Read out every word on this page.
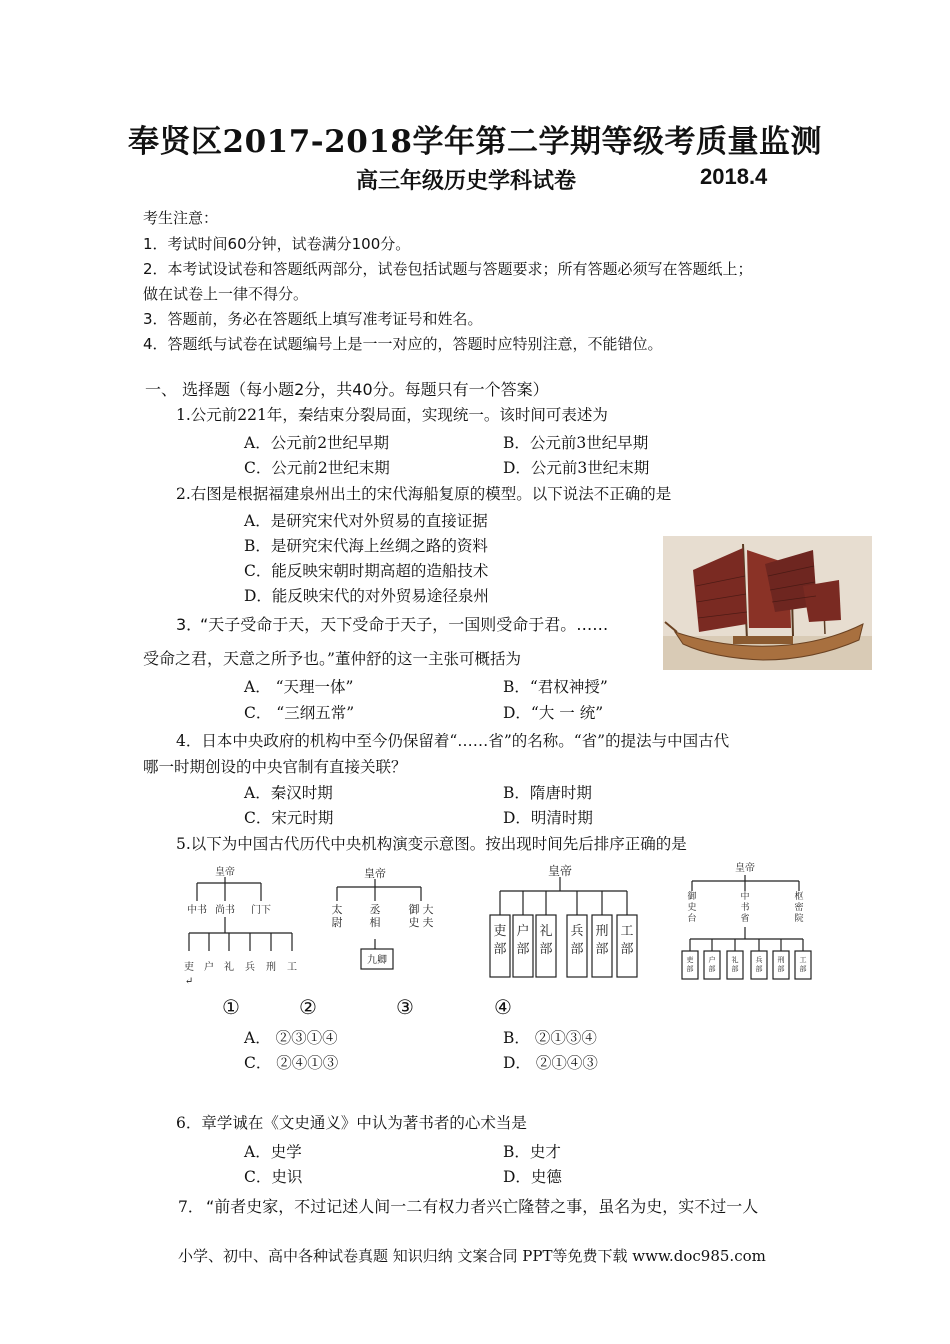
奉贤区2017-2018学年第二学期等级考质量监测
高三年级历史学科试卷	2018.4
考生注意：
1．考试时间60分钟，试卷满分100分。
2．本考试设试卷和答题纸两部分，试卷包括试题与答题要求；所有答题必须写在答题纸上；
做在试卷上一律不得分。
3．答题前，务必在答题纸上填写准考证号和姓名。
4．答题纸与试卷在试题编号上是一一对应的，答题时应特别注意，不能错位。
一、 选择题（每小题2分，共40分。每题只有一个答案）
1.公元前221年，秦结束分裂局面，实现统一。该时间可表述为
A．公元前2世纪早期	B．公元前3世纪早期
C．公元前2世纪末期	D．公元前3世纪末期
2.右图是根据福建泉州出土的宋代海船复原的模型。以下说法不正确的是
A．是研究宋代对外贸易的直接证据
B．是研究宋代海上丝绸之路的资料
C．能反映宋朝时期高超的造船技术
D．能反映宋代的对外贸易途径泉州
3．
“天子受命于天，天下受命于天子，一国则受命于君。……
受命之君，天意之所予也。”董仲舒的这一主张可概括为
A． “天理一体”	B．“君权神授”
C． “三纲五常”	D．“大 一 统”
4．日本中央政府的机构中至今仍保留着“……省”的名称。“省”的提法与中国古代
哪一时期创设的中央官制有直接关联？
A．秦汉时期	B．隋唐时期
C．宋元时期	D．明清时期
5.以下为中国古代历代中央机构演变示意图。按出现时间先后排序正确的是
皇帝
中书 尚书 门下
吏 户 礼 兵 刑 工
↵
皇帝
太尉
丞相
御史大夫
九卿
皇帝
吏部
户部
礼部
兵部
刑部
工部
皇帝
御史台
中书省
枢密院
吏部
户部
礼部
兵部
刑部
工部
①	②	③	④
A． ②③①④	B． ②①③④
C． ②④①③	D． ②①④③
6．章学诚在《文史通义》中认为著书者的心术当是
A．史学	B．史才
C．史识	D．史德
7． “前者史家，不过记述人间一二有权力者兴亡隆替之事，虽名为史，实不过一人
小学、初中、高中各种试卷真题 知识归纳 文案合同 PPT等免费下载 www.doc985.com
